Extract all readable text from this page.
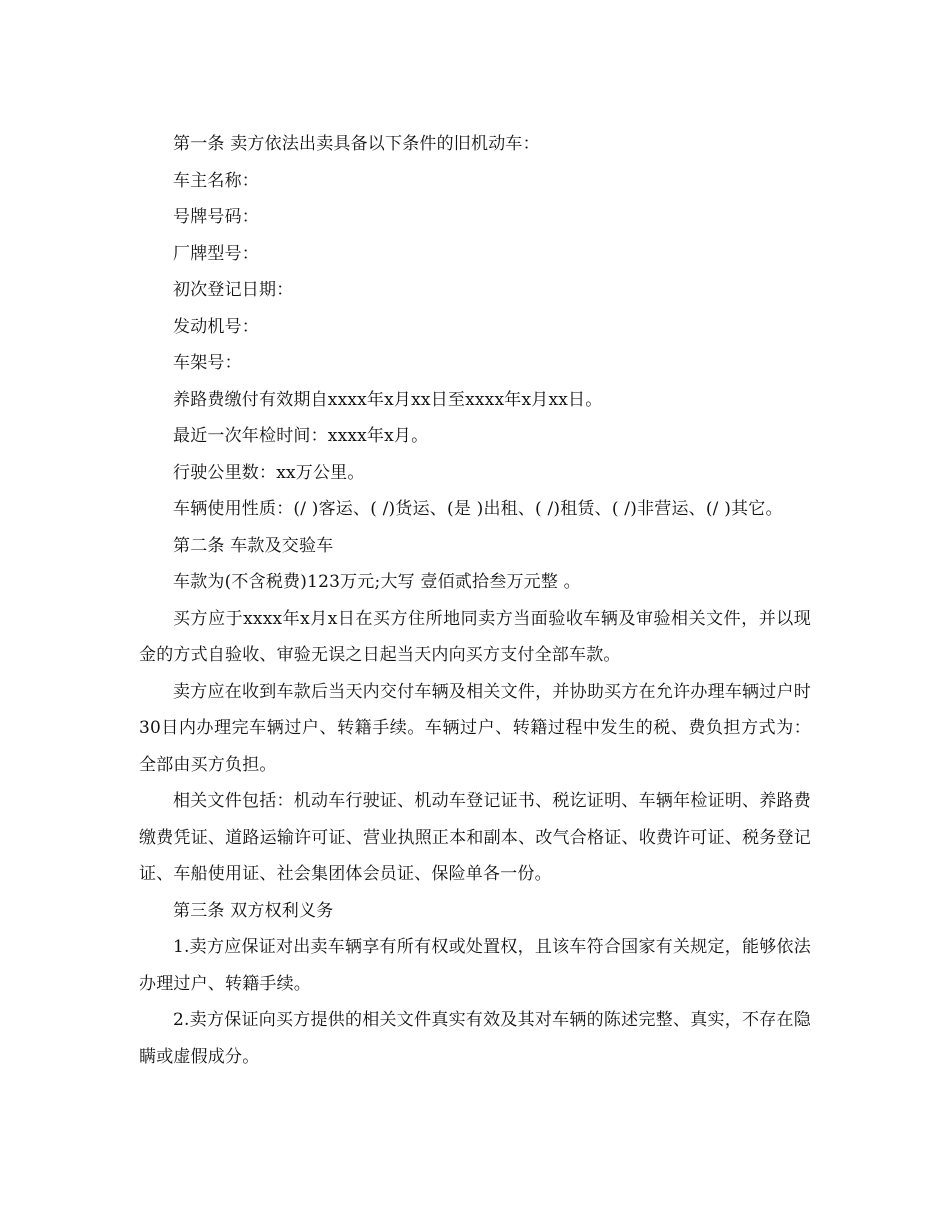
第一条 卖方依法出卖具备以下条件的旧机动车：

车主名称：

号牌号码：

厂牌型号：

初次登记日期：

发动机号：

车架号：

养路费缴付有效期自xxxx年x月xx日至xxxx年x月xx日。

最近一次年检时间：xxxx年x月。

行驶公里数：xx万公里。

车辆使用性质：(/ )客运、( /)货运、(是 )出租、( /)租赁、( /)非营运、(/ )其它。

第二条 车款及交验车

车款为(不含税费)123万元;大写 壹佰贰拾叁万元整 。

买方应于xxxx年x月x日在买方住所地同卖方当面验收车辆及审验相关文件，并以现金的方式自验收、审验无误之日起当天内向买方支付全部车款。

卖方应在收到车款后当天内交付车辆及相关文件，并协助买方在允许办理车辆过户时30日内办理完车辆过户、转籍手续。车辆过户、转籍过程中发生的税、费负担方式为： 全部由买方负担。

相关文件包括：机动车行驶证、机动车登记证书、税讫证明、车辆年检证明、养路费缴费凭证、道路运输许可证、营业执照正本和副本、改气合格证、收费许可证、税务登记证、车船使用证、社会集团体会员证、保险单各一份。

第三条 双方权利义务

1.卖方应保证对出卖车辆享有所有权或处置权，且该车符合国家有关规定，能够依法办理过户、转籍手续。

2.卖方保证向买方提供的相关文件真实有效及其对车辆的陈述完整、真实，不存在隐瞒或虚假成分。
